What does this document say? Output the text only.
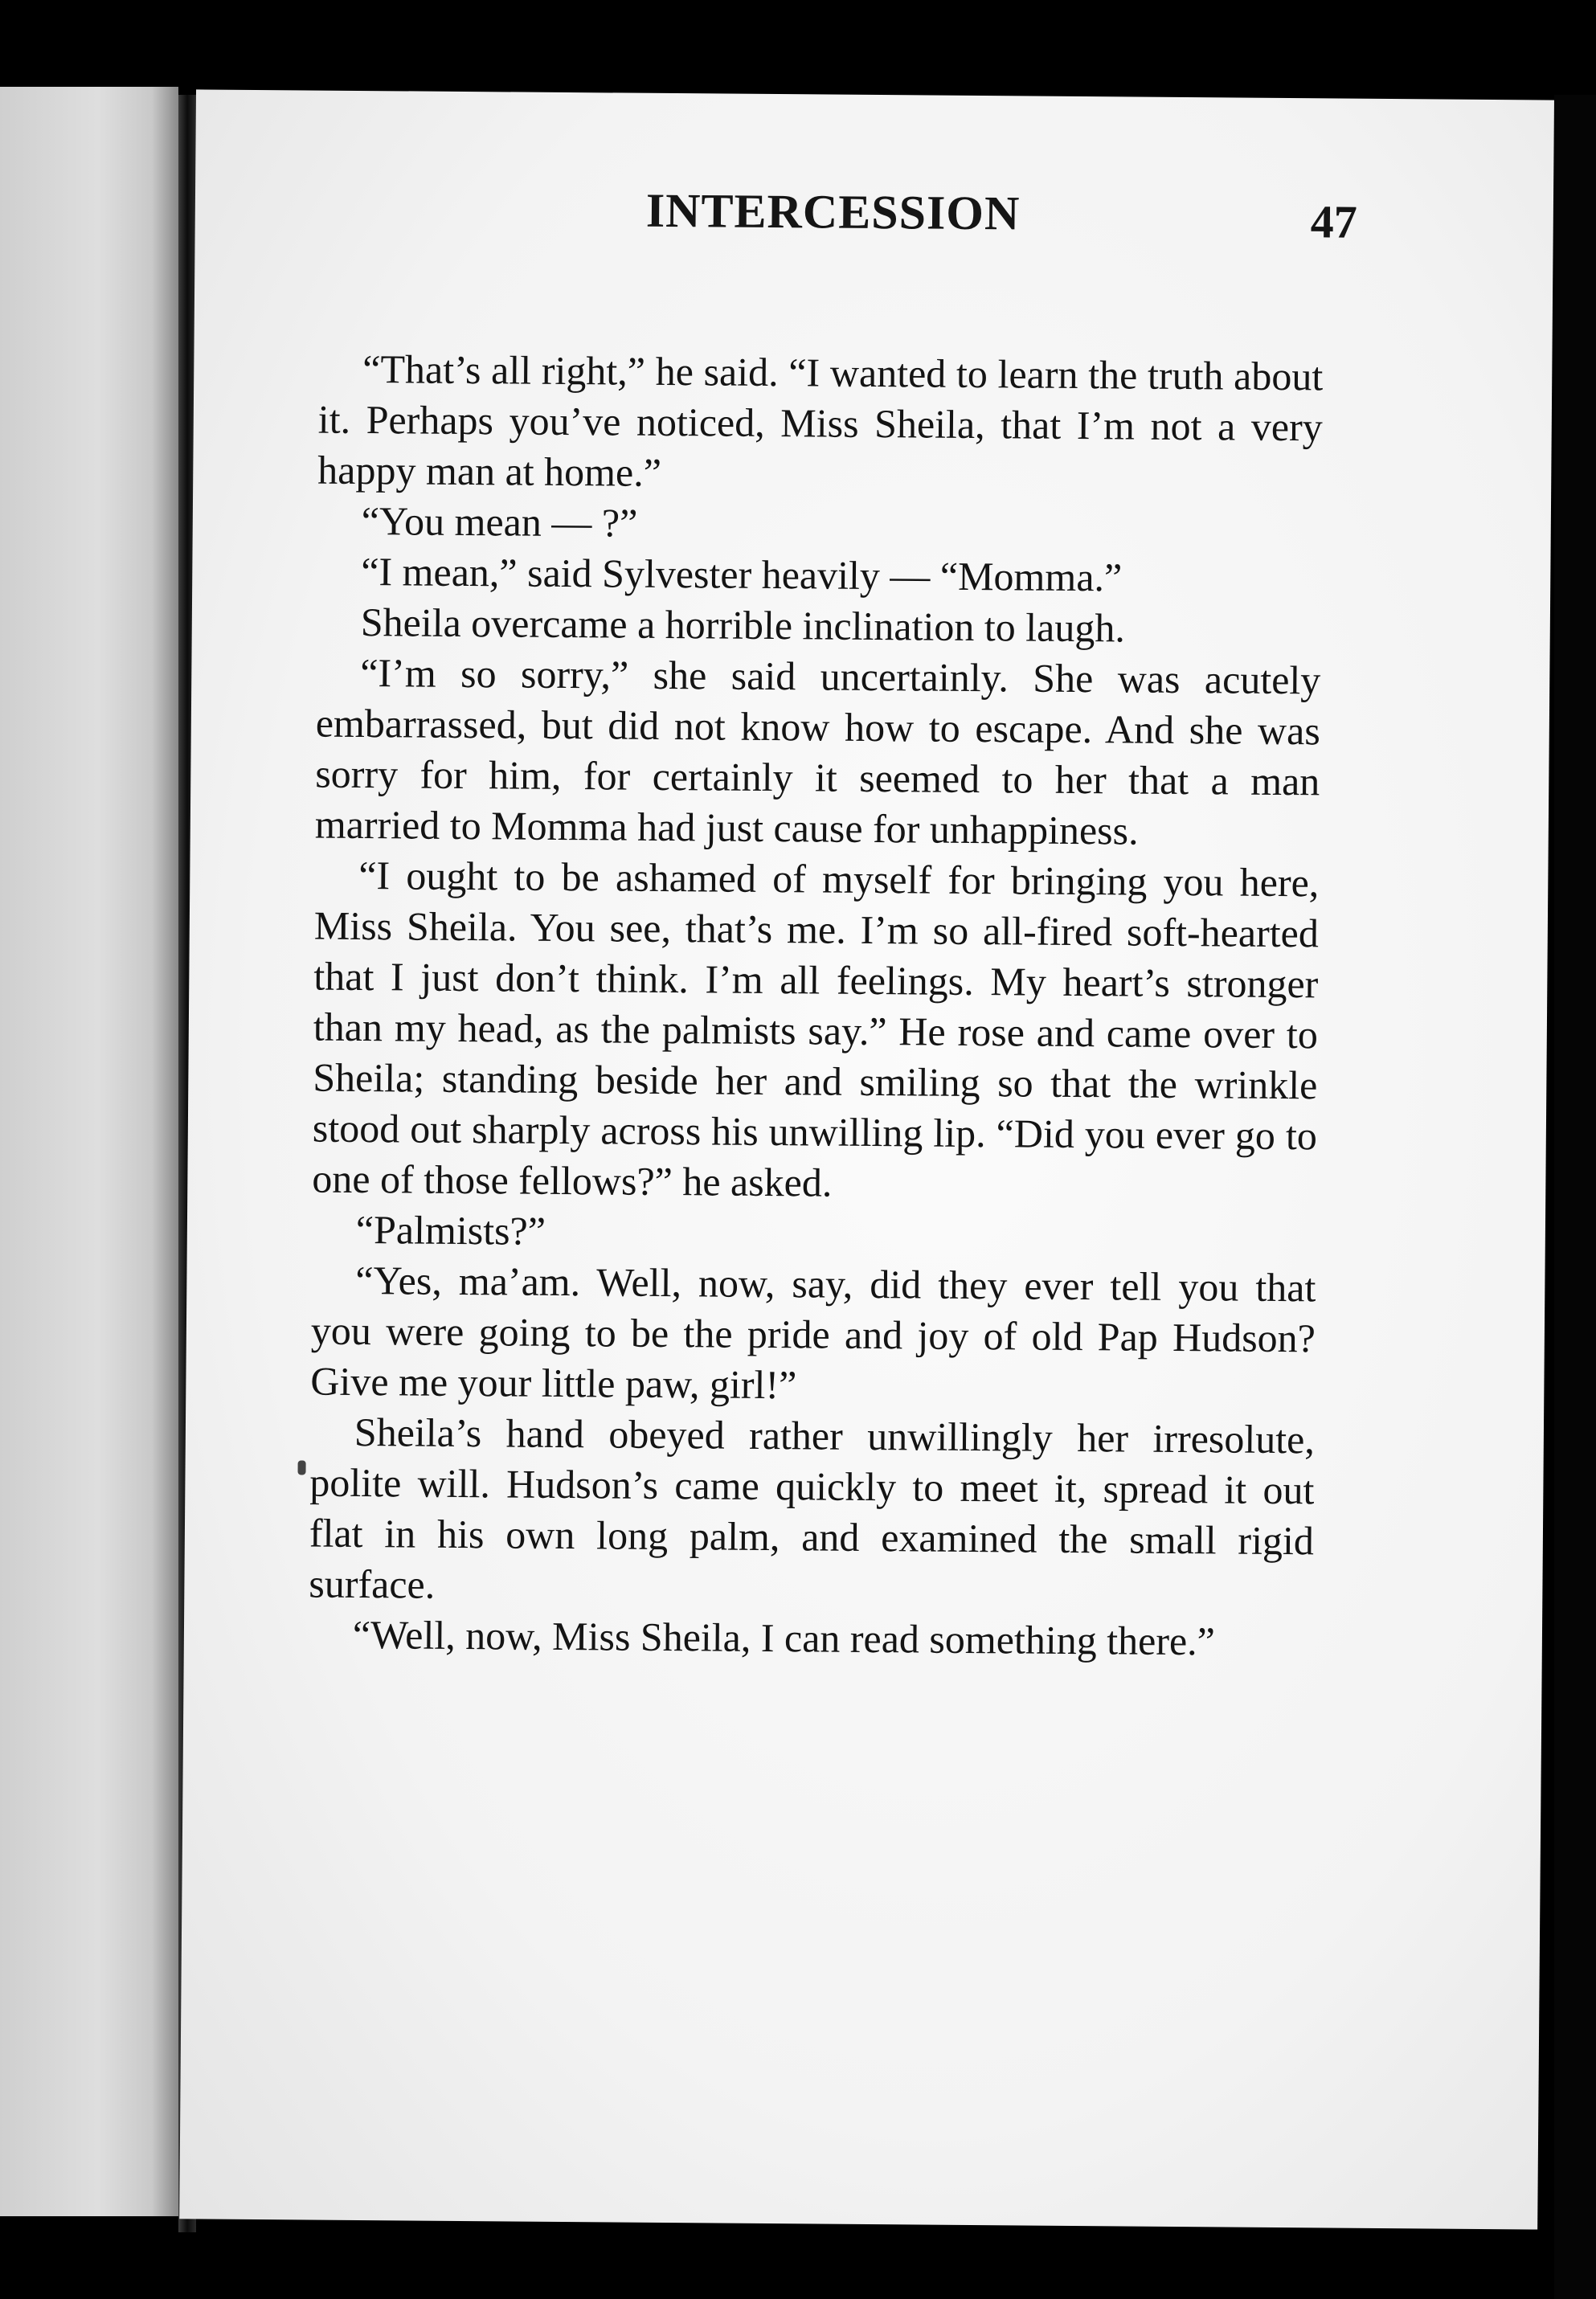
INTERCESSION	47

“That’s all right,” he said. “I wanted to learn the truth about it. Perhaps you’ve noticed, Miss Sheila, that I’m not a very happy man at home.”

“You mean — ?”

“I mean,” said Sylvester heavily — “Momma.”

Sheila overcame a horrible inclination to laugh.

“I’m so sorry,” she said uncertainly. She was acutely embarrassed, but did not know how to escape. And she was sorry for him, for certainly it seemed to her that a man married to Momma had just cause for unhappiness.

“I ought to be ashamed of myself for bringing you here, Miss Sheila. You see, that’s me. I’m so all-fired soft-hearted that I just don’t think. I’m all feelings. My heart’s stronger than my head, as the palmists say.” He rose and came over to Sheila; standing beside her and smiling so that the wrinkle stood out sharply across his unwilling lip. “Did you ever go to one of those fellows?” he asked.

“Palmists?”

“Yes, ma’am. Well, now, say, did they ever tell you that you were going to be the pride and joy of old Pap Hudson? Give me your little paw, girl!”

Sheila’s hand obeyed rather unwillingly her irresolute, polite will. Hudson’s came quickly to meet it, spread it out flat in his own long palm, and examined the small rigid surface.

“Well, now, Miss Sheila, I can read something there.”
